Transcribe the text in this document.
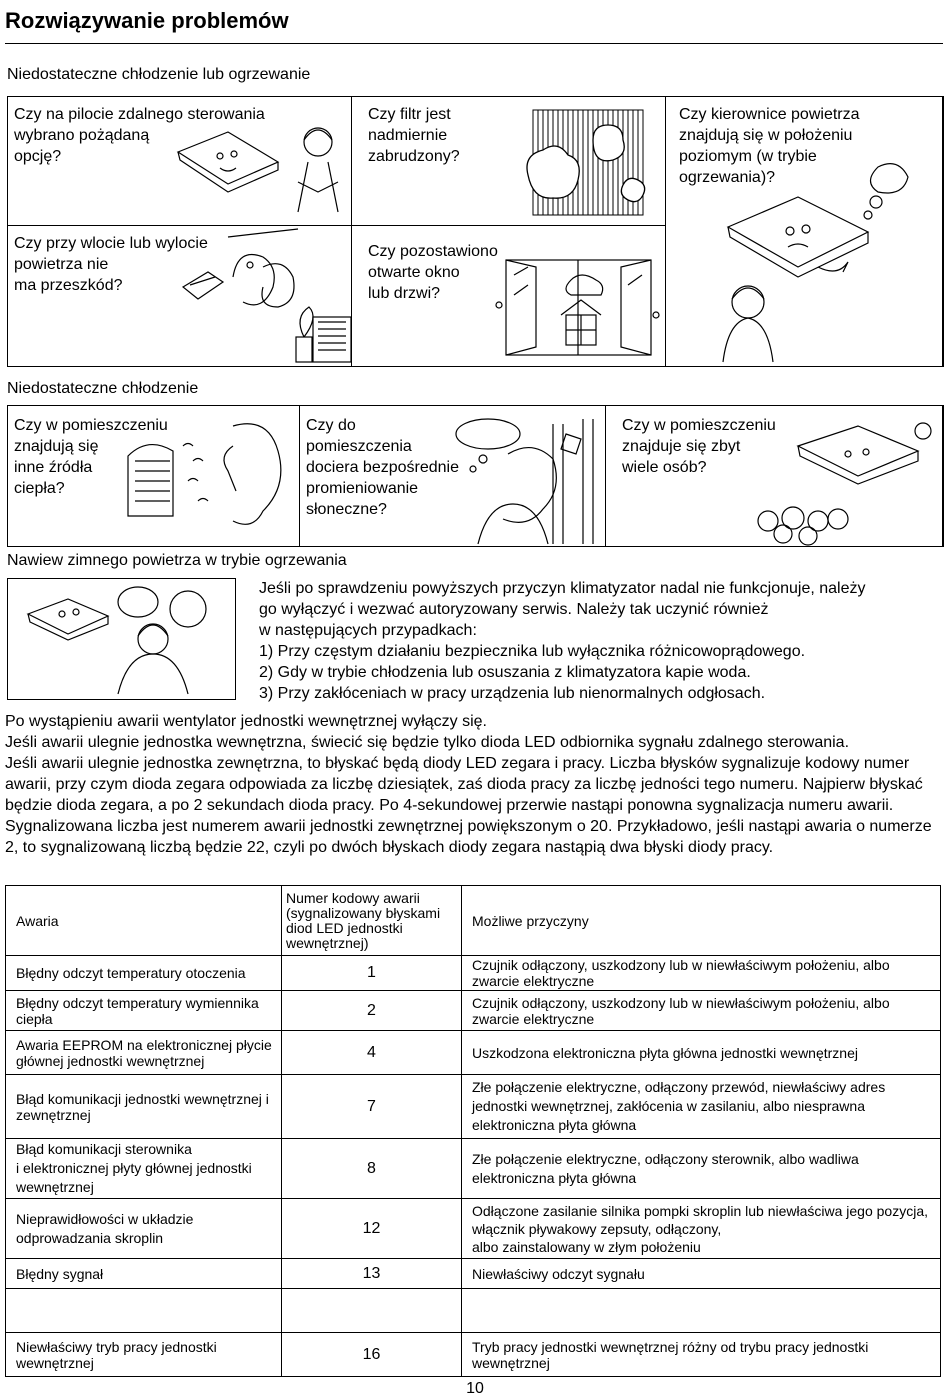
Rozwiązywanie problemów
Niedostateczne chłodzenie lub ogrzewanie
Czy na pilocie zdalnego sterowania
wybrano pożądaną
opcję?
Czy filtr jest
nadmiernie
zabrudzony?
Czy kierownice powietrza
znajdują się w położeniu
poziomym (w trybie
ogrzewania)?
Czy przy wlocie lub wylocie
powietrza nie
ma przeszkód?
Czy pozostawiono
otwarte okno
lub drzwi?
Niedostateczne chłodzenie
Czy w pomieszczeniu
znajdują się
inne źródła
ciepła?
Czy do
pomieszczenia
dociera bezpośrednie
promieniowanie
słoneczne?
Czy w pomieszczeniu
znajduje się zbyt
wiele osób?
Nawiew zimnego powietrza w trybie ogrzewania
Jeśli po sprawdzeniu powyższych przyczyn klimatyzator nadal nie funkcjonuje, należy
go wyłączyć i wezwać autoryzowany serwis. Należy tak uczynić również
w następujących przypadkach:
1) Przy częstym działaniu bezpiecznika lub wyłącznika różnicowoprądowego.
2) Gdy w trybie chłodzenia lub osuszania z klimatyzatora kapie woda.
3) Przy zakłóceniach w pracy urządzenia lub nienormalnych odgłosach.
Po wystąpieniu awarii wentylator jednostki wewnętrznej wyłączy się.
Jeśli awarii ulegnie jednostka wewnętrzna, świecić się będzie tylko dioda LED odbiornika sygnału zdalnego sterowania.
Jeśli awarii ulegnie jednostka zewnętrzna, to błyskać będą diody LED zegara i pracy. Liczba błysków sygnalizuje kodowy numer awarii, przy czym dioda zegara odpowiada za liczbę dziesiątek, zaś dioda pracy za liczbę jedności tego numeru. Najpierw błyskać będzie dioda zegara, a po 2 sekundach dioda pracy. Po 4-sekundowej przerwie nastąpi ponowna sygnalizacja numeru awarii. Sygnalizowana liczba jest numerem awarii jednostki zewnętrznej powiększonym o 20. Przykładowo, jeśli nastąpi awaria o numerze 2, to sygnalizowaną liczbą będzie 22, czyli po dwóch błyskach diody zegara nastąpią dwa błyski diody pracy.
Awaria	Numer kodowy awarii (sygnalizowany błyskami diod LED jednostki wewnętrznej)	Możliwe przyczyny
Błędny odczyt temperatury otoczenia	1	Czujnik odłączony, uszkodzony lub w niewłaściwym położeniu, albo zwarcie elektryczne
Błędny odczyt temperatury wymiennika ciepła	2	Czujnik odłączony, uszkodzony lub w niewłaściwym położeniu, albo zwarcie elektryczne
Awaria EEPROM na elektronicznej płycie głównej jednostki wewnętrznej	4	Uszkodzona elektroniczna płyta główna jednostki wewnętrznej
Błąd komunikacji jednostki wewnętrznej i zewnętrznej	7	Złe połączenie elektryczne, odłączony przewód, niewłaściwy adres jednostki wewnętrznej, zakłócenia w zasilaniu, albo niesprawna elektroniczna płyta główna
Błąd komunikacji sterownika
i elektronicznej płyty głównej jednostki wewnętrznej	8	Złe połączenie elektryczne, odłączony sterownik, albo wadliwa elektroniczna płyta główna
Nieprawidłowości w układzie odprowadzania skroplin	12	Odłączone zasilanie silnika pompki skroplin lub niewłaściwa jego pozycja, włącznik pływakowy zepsuty, odłączony,
albo zainstalowany w złym położeniu
Błędny sygnał	13	Niewłaściwy odczyt sygnału

Niewłaściwy tryb pracy jednostki wewnętrznej	16	Tryb pracy jednostki wewnętrznej różny od trybu pracy jednostki wewnętrznej
10
